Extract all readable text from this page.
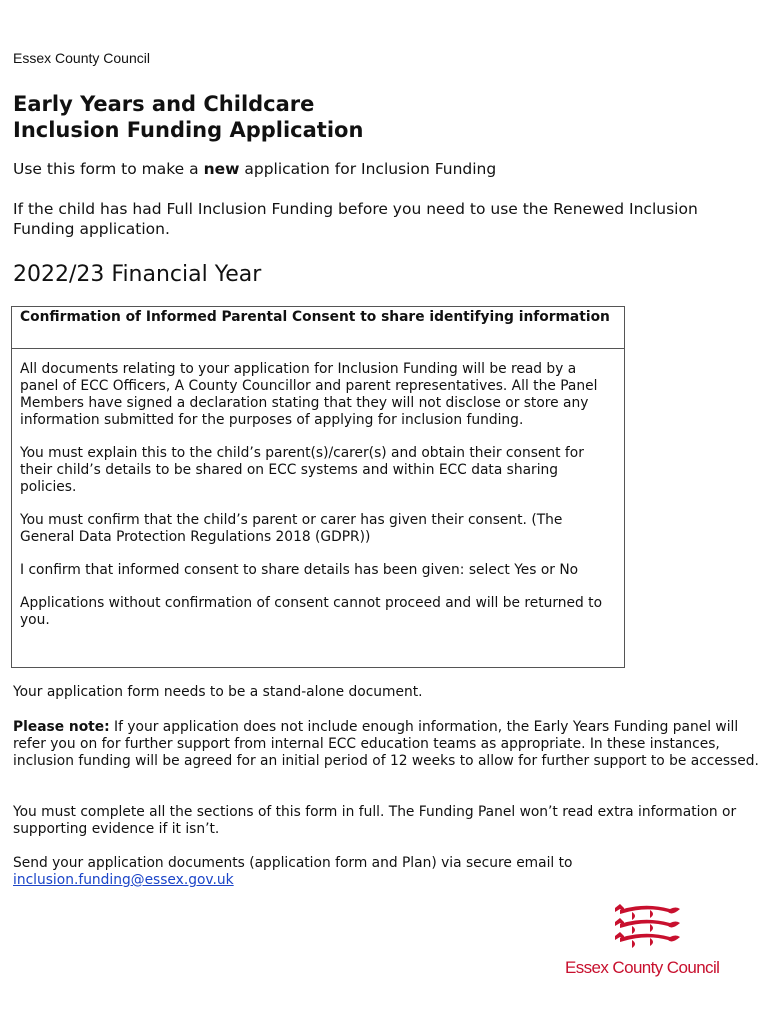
Essex County Council
Early Years and Childcare
Inclusion Funding Application
Use this form to make a new application for Inclusion Funding
If the child has had Full Inclusion Funding before you need to use the Renewed Inclusion Funding application.
2022/23 Financial Year
Confirmation of Informed Parental Consent to share identifying information

All documents relating to your application for Inclusion Funding will be read by a panel of ECC Officers, A County Councillor and parent representatives. All the Panel Members have signed a declaration stating that they will not disclose or store any information submitted for the purposes of applying for inclusion funding.

You must explain this to the child’s parent(s)/carer(s) and obtain their consent for their child’s details to be shared on ECC systems and within ECC data sharing policies.

You must confirm that the child’s parent or carer has given their consent. (The General Data Protection Regulations 2018 (GDPR))

I confirm that informed consent to share details has been given: select Yes or No

Applications without confirmation of consent cannot proceed and will be returned to you.

Your application form needs to be a stand-alone document.

Please note: If your application does not include enough information, the Early Years Funding panel will refer you on for further support from internal ECC education teams as appropriate. In these instances, inclusion funding will be agreed for an initial period of 12 weeks to allow for further support to be accessed.

You must complete all the sections of this form in full. The Funding Panel won’t read extra information or supporting evidence if it isn’t.

Send your application documents (application form and Plan) via secure email to

inclusion.funding@essex.gov.uk
Essex County Council
